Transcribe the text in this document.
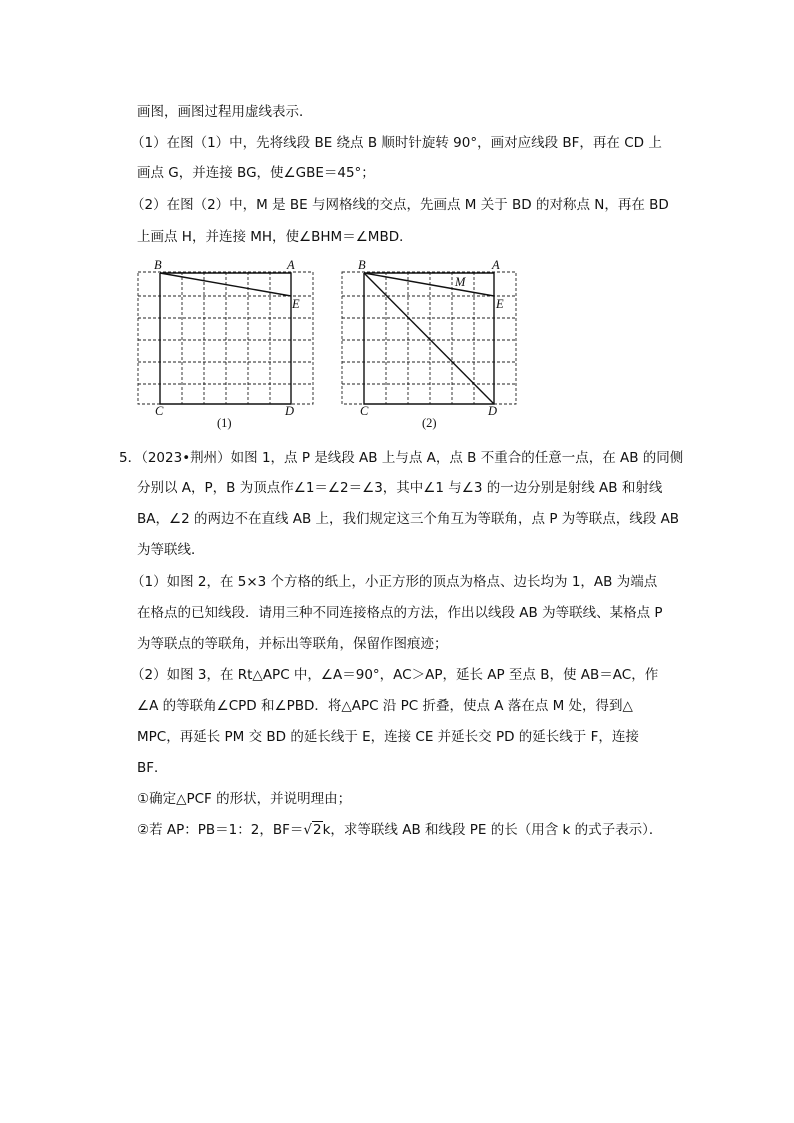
画图，画图过程用虚线表示．
（1）在图（1）中，先将线段 BE 绕点 B 顺时针旋转 90°，画对应线段 BF，再在 CD 上
画点 G，并连接 BG，使∠GBE＝45°；
（2）在图（2）中，M 是 BE 与网格线的交点，先画点 M 关于 BD 的对称点 N，再在 BD
上画点 H，并连接 MH，使∠BHM＝∠MBD．
B	A
E
C	D
(1)
B	A
M
E
C	D
(2)
5．（2023•荆州）如图 1，点 P 是线段 AB 上与点 A，点 B 不重合的任意一点，在 AB 的同侧
分别以 A，P，B 为顶点作∠1＝∠2＝∠3，其中∠1 与∠3 的一边分别是射线 AB 和射线
BA，∠2 的两边不在直线 AB 上，我们规定这三个角互为等联角，点 P 为等联点，线段 AB
为等联线．
（1）如图 2，在 5×3 个方格的纸上，小正方形的顶点为格点、边长均为 1，AB 为端点
在格点的已知线段．请用三种不同连接格点的方法，作出以线段 AB 为等联线、某格点 P
为等联点的等联角，并标出等联角，保留作图痕迹；
（2）如图 3，在 Rt△APC 中，∠A＝90°，AC＞AP，延长 AP 至点 B，使 AB＝AC，作
∠A 的等联角∠CPD 和∠PBD．将△APC 沿 PC 折叠，使点 A 落在点 M 处，得到△
MPC，再延长 PM 交 BD 的延长线于 E，连接 CE 并延长交 PD 的延长线于 F，连接
BF．
①确定△PCF 的形状，并说明理由；
②若 AP：PB＝1：2，BF＝√2k，求等联线 AB 和线段 PE 的长（用含 k 的式子表示）．
